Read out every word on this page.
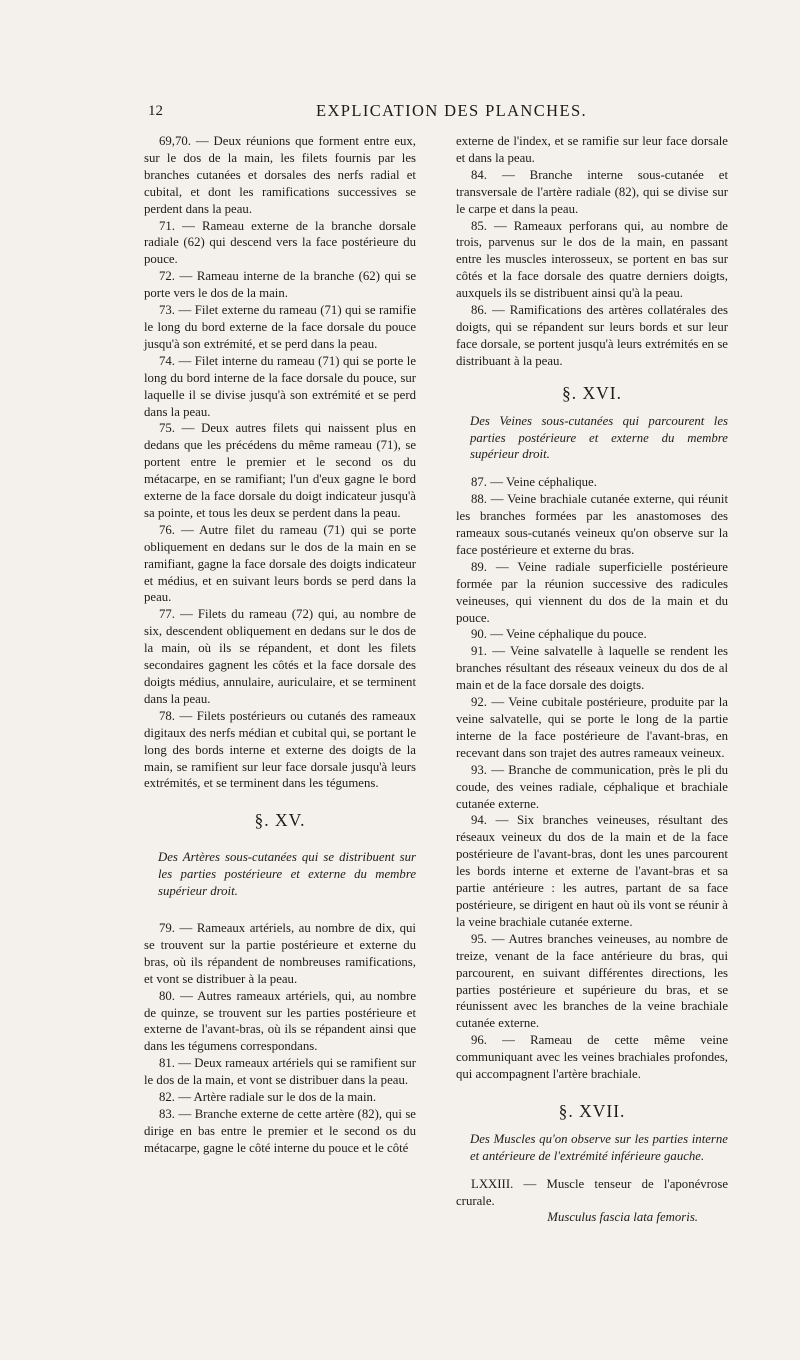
12	EXPLICATION DES PLANCHES.

69,70. — Deux réunions que forment entre eux, sur le dos de la main, les filets fournis par les branches cutanées et dorsales des nerfs radial et cubital, et dont les ramifications successives se perdent dans la peau.

71. — Rameau externe de la branche dorsale radiale (62) qui descend vers la face postérieure du pouce.

72. — Rameau interne de la branche (62) qui se porte vers le dos de la main.

73. — Filet externe du rameau (71) qui se ramifie le long du bord externe de la face dorsale du pouce jusqu'à son extrémité, et se perd dans la peau.

74. — Filet interne du rameau (71) qui se porte le long du bord interne de la face dorsale du pouce, sur laquelle il se divise jusqu'à son extrémité et se perd dans la peau.

75. — Deux autres filets qui naissent plus en dedans que les précédens du même rameau (71), se portent entre le premier et le second os du métacarpe, en se ramifiant; l'un d'eux gagne le bord externe de la face dorsale du doigt indicateur jusqu'à sa pointe, et tous les deux se perdent dans la peau.

76. — Autre filet du rameau (71) qui se porte obliquement en dedans sur le dos de la main en se ramifiant, gagne la face dorsale des doigts indicateur et médius, et en suivant leurs bords se perd dans la peau.

77. — Filets du rameau (72) qui, au nombre de six, descendent obliquement en dedans sur le dos de la main, où ils se répandent, et dont les filets secondaires gagnent les côtés et la face dorsale des doigts médius, annulaire, auriculaire, et se terminent dans la peau.

78. — Filets postérieurs ou cutanés des rameaux digitaux des nerfs médian et cubital qui, se portant le long des bords interne et externe des doigts de la main, se ramifient sur leur face dorsale jusqu'à leurs extrémités, et se terminent dans les tégumens.

§. XV.

Des Artères sous-cutanées qui se distribuent sur les parties postérieure et externe du membre supérieur droit.

79. — Rameaux artériels, au nombre de dix, qui se trouvent sur la partie postérieure et externe du bras, où ils répandent de nombreuses ramifications, et vont se distribuer à la peau.

80. — Autres rameaux artériels, qui, au nombre de quinze, se trouvent sur les parties postérieure et externe de l'avant-bras, où ils se répandent ainsi que dans les tégumens correspondans.

81. — Deux rameaux artériels qui se ramifient sur le dos de la main, et vont se distribuer dans la peau.

82. — Artère radiale sur le dos de la main.

83. — Branche externe de cette artère (82), qui se dirige en bas entre le premier et le second os du métacarpe, gagne le côté interne du pouce et le côté

externe de l'index, et se ramifie sur leur face dorsale et dans la peau.

84. — Branche interne sous-cutanée et transversale de l'artère radiale (82), qui se divise sur le carpe et dans la peau.

85. — Rameaux perforans qui, au nombre de trois, parvenus sur le dos de la main, en passant entre les muscles interosseux, se portent en bas sur côtés et la face dorsale des quatre derniers doigts, auxquels ils se distribuent ainsi qu'à la peau.

86. — Ramifications des artères collatérales des doigts, qui se répandent sur leurs bords et sur leur face dorsale, se portent jusqu'à leurs extrémités en se distribuant à la peau.

§. XVI.

Des Veines sous-cutanées qui parcourent les parties postérieure et externe du membre supérieur droit.

87. — Veine céphalique.

88. — Veine brachiale cutanée externe, qui réunit les branches formées par les anastomoses des rameaux sous-cutanés veineux qu'on observe sur la face postérieure et externe du bras.

89. — Veine radiale superficielle postérieure formée par la réunion successive des radicules veineuses, qui viennent du dos de la main et du pouce.

90. — Veine céphalique du pouce.

91. — Veine salvatelle à laquelle se rendent les branches résultant des réseaux veineux du dos de al main et de la face dorsale des doigts.

92. — Veine cubitale postérieure, produite par la veine salvatelle, qui se porte le long de la partie interne de la face postérieure de l'avant-bras, en recevant dans son trajet des autres rameaux veineux.

93. — Branche de communication, près le pli du coude, des veines radiale, céphalique et brachiale cutanée externe.

94. — Six branches veineuses, résultant des réseaux veineux du dos de la main et de la face postérieure de l'avant-bras, dont les unes parcourent les bords interne et externe de l'avant-bras et sa partie antérieure : les autres, partant de sa face postérieure, se dirigent en haut où ils vont se réunir à la veine brachiale cutanée externe.

95. — Autres branches veineuses, au nombre de treize, venant de la face antérieure du bras, qui parcourent, en suivant différentes directions, les parties postérieure et supérieure du bras, et se réunissent avec les branches de la veine brachiale cutanée externe.

96. — Rameau de cette même veine communiquant avec les veines brachiales profondes, qui accompagnent l'artère brachiale.

§. XVII.

Des Muscles qu'on observe sur les parties interne et antérieure de l'extrémité inférieure gauche.

LXXIII. — Muscle tenseur de l'aponévrose crurale.

Musculus fascia lata femoris.
